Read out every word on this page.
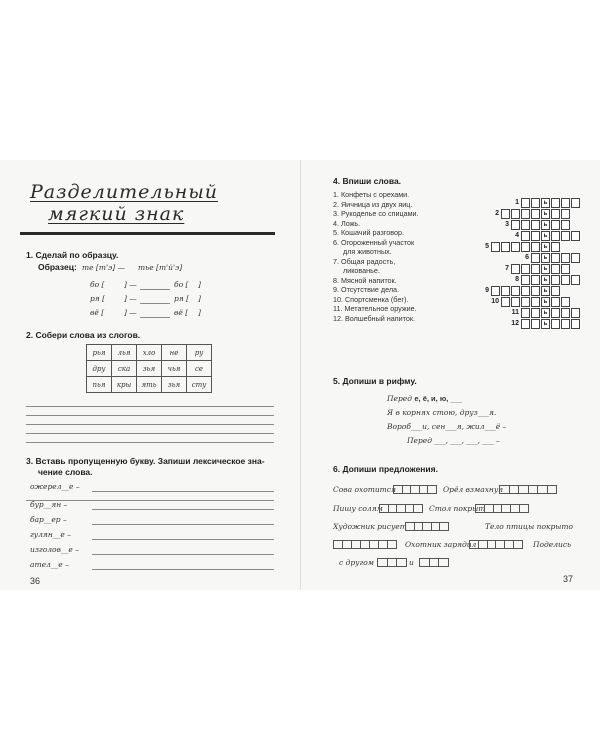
Разделительный
мягкий знак
1. Сделай по образцу.
Образец: те [т'э] — тье [т'й'э]
бо [	] —	бо [ ]
ря [	] —	ря [ ]
вё [	] —	вё [ ]
2. Собери слова из слогов.
рья	лья	хло	не	ру
дру	ска	зья	чья	се
пья	кры	ять	зья	сту
3. Вставь пропущенную букву. Запиши лексическое зна-
чение слова.
ожерел__е –
бур__ян –
бар__ер –
гулян__е –
изголов__е –
ател__е –
36
4. Впиши слова.
1. Конфеты с орехами.
2. Яичница из двух яиц.
3. Рукоделье со спицами.
4. Ложь.
5. Кошачий разговор.
6. Огороженный участок
для животных.
7. Общая радость,
ликованье.
8. Мясной напиток.
9. Отсутствие дела.
10. Спортсменка (бег).
11. Метательное оружие.
12. Волшебный напиток.
1	ь
2	ь
3	ь
4	ь
5	ь
6	ь
7	ь
8	ь
9	ь
10	ь
11	ь
12	ь
5. Допиши в рифму.
Перед е, ё, и, ю, ___
Я в корнях стою, друз___я.
Вороб___и, сен___я, жил___ё –
Перед ___, ___, ___, ___ –
6. Допиши предложения.
Сова охотится	Орёл взмахнул
Пишу солям	Стол покрыт
Художник рисует	Тело птицы покрыто
Охотник зарядил	Поделись
с другом	и
37
